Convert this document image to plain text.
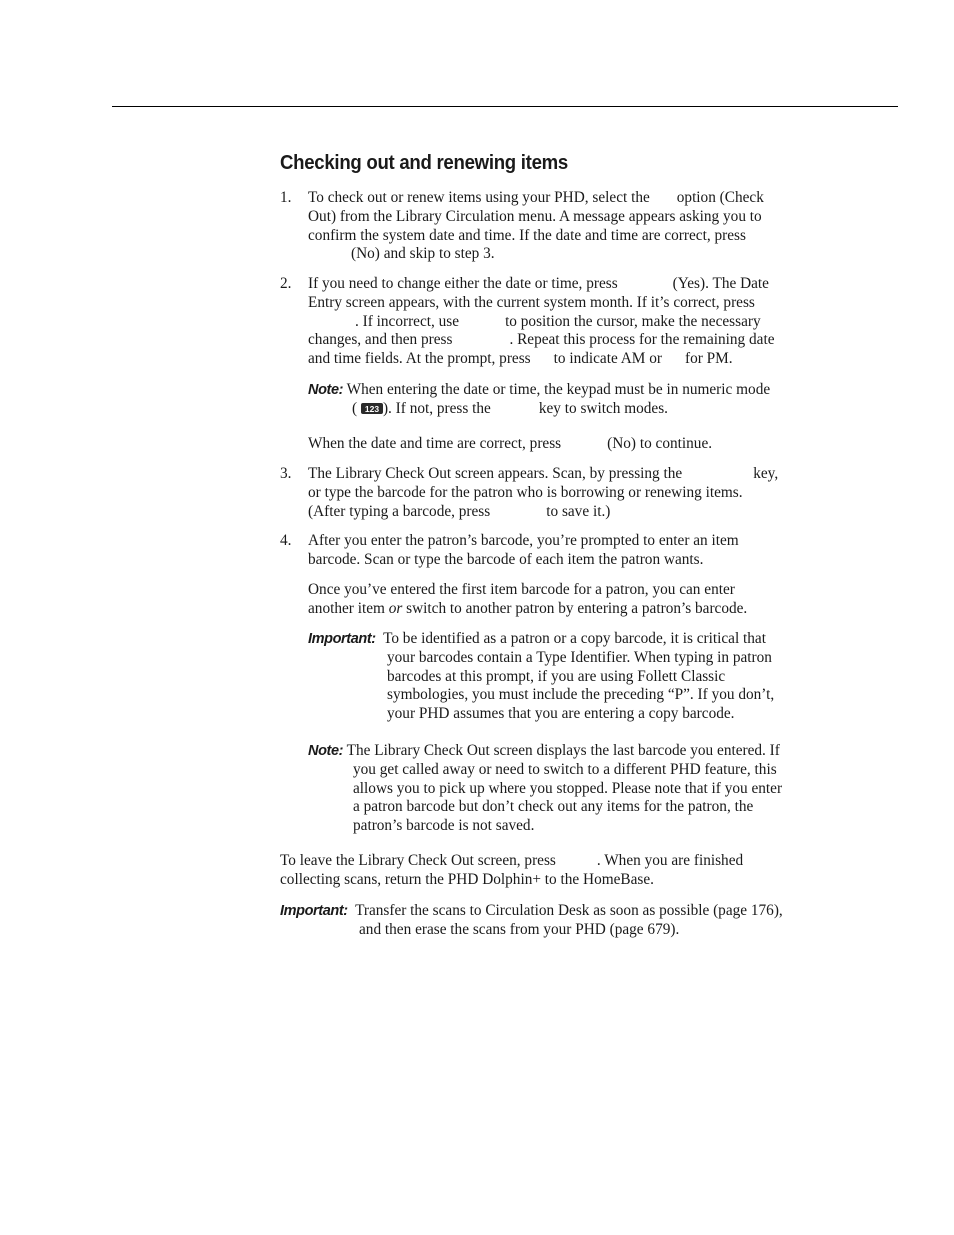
Checking out and renewing items
1. To check out or renew items using your PHD, select the option (Check
Out) from the Library Circulation menu. A message appears asking you to
confirm the system date and time. If the date and time are correct, press
(No) and skip to step 3.
2. If you need to change either the date or time, press	(Yes). The Date
Entry screen appears, with the current system month. If it’s correct, press
. If incorrect, use	to position the cursor, make the necessary
changes, and then press	. Repeat this process for the remaining date
and time fields. At the prompt, press to indicate AM or for PM.
Note: When entering the date or time, the keypad must be in numeric mode
( 123 ). If not, press the	key to switch modes.
When the date and time are correct, press	(No) to continue.
3. The Library Check Out screen appears. Scan, by pressing the	key,
or type the barcode for the patron who is borrowing or renewing items.
(After typing a barcode, press	to save it.)
4. After you enter the patron’s barcode, you’re prompted to enter an item
barcode. Scan or type the barcode of each item the patron wants.
Once you’ve entered the first item barcode for a patron, you can enter
another item or switch to another patron by entering a patron’s barcode.
Important: To be identified as a patron or a copy barcode, it is critical that
your barcodes contain a Type Identifier. When typing in patron
barcodes at this prompt, if you are using Follett Classic
symbologies, you must include the preceding “P”. If you don’t,
your PHD assumes that you are entering a copy barcode.
Note: The Library Check Out screen displays the last barcode you entered. If
you get called away or need to switch to a different PHD feature, this
allows you to pick up where you stopped. Please note that if you enter
a patron barcode but don’t check out any items for the patron, the
patron’s barcode is not saved.
To leave the Library Check Out screen, press	. When you are finished
collecting scans, return the PHD Dolphin+ to the HomeBase.
Important: Transfer the scans to Circulation Desk as soon as possible (page 176),
and then erase the scans from your PHD (page 679).
